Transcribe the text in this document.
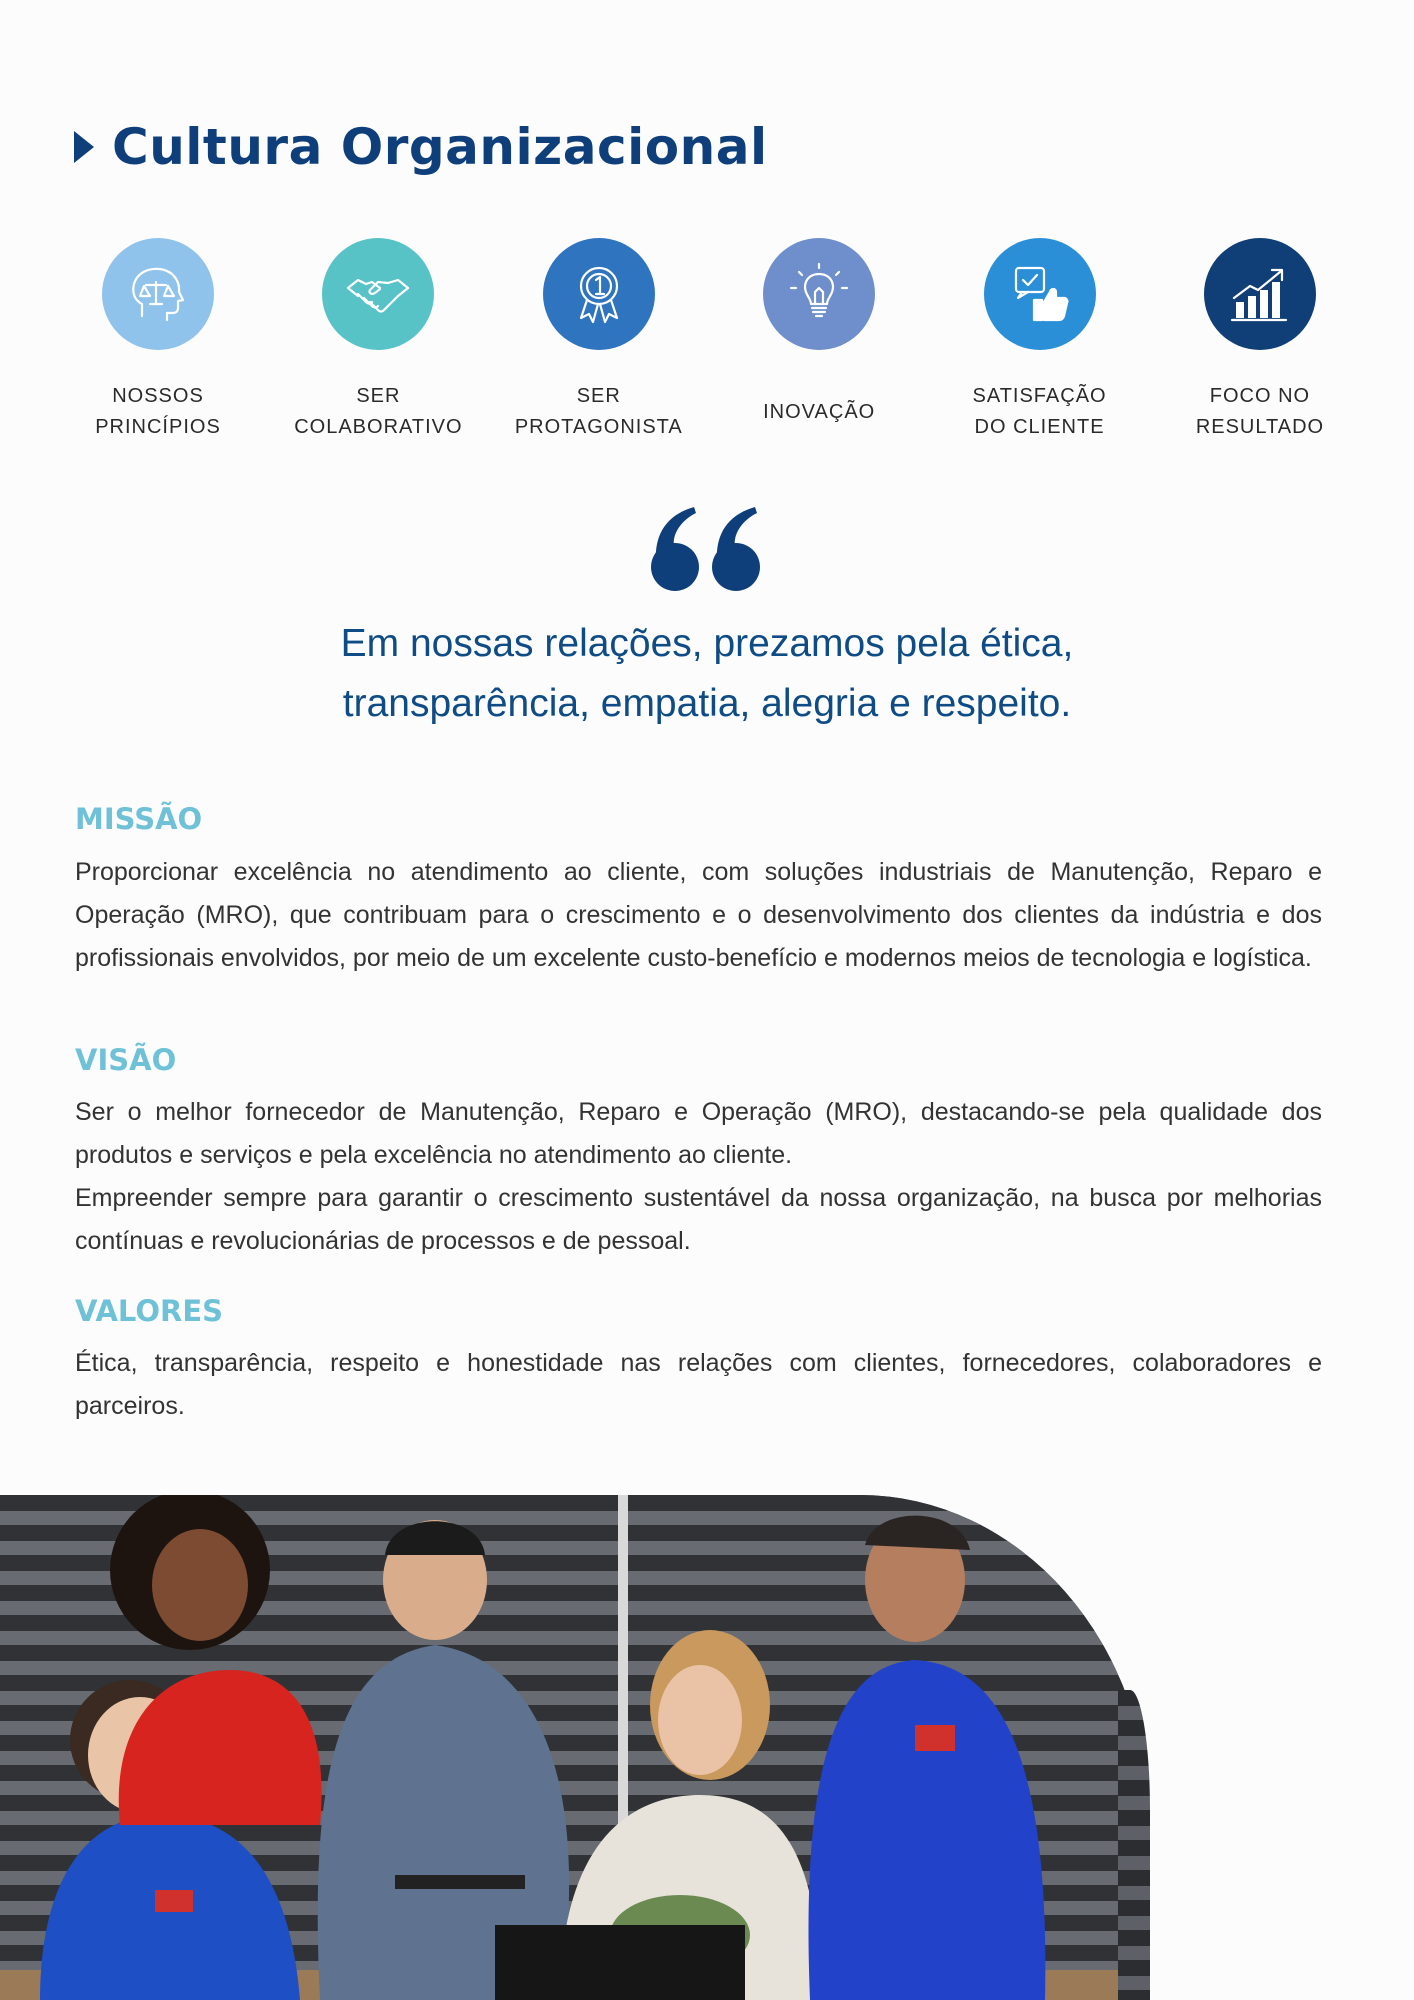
Cultura Organizacional
NOSSOS
PRINCÍPIOS
SER
COLABORATIVO
SER
PROTAGONISTA
INOVAÇÃO
SATISFAÇÃO
DO CLIENTE
FOCO NO
RESULTADO
Em nossas relações, prezamos pela ética,
transparência, empatia, alegria e respeito.
MISSÃO

Proporcionar excelência no atendimento ao cliente, com soluções industriais de Manutenção, Reparo e Operação (MRO), que contribuam para o crescimento e o desenvolvimento dos clientes da indústria e dos profissionais envolvidos, por meio de um excelente custo-benefício e modernos meios de tecnologia e logística.

VISÃO
Ser o melhor fornecedor de Manutenção, Reparo e Operação (MRO), destacando-se pela qualidade dos produtos e serviços e pela excelência no atendimento ao cliente.
Empreender sempre para garantir o crescimento sustentável da nossa organização, na busca por melhorias contínuas e revolucionárias de processos e de pessoal.
VALORES

Ética, transparência, respeito e honestidade nas relações com clientes, fornecedores, colaboradores e parceiros.
